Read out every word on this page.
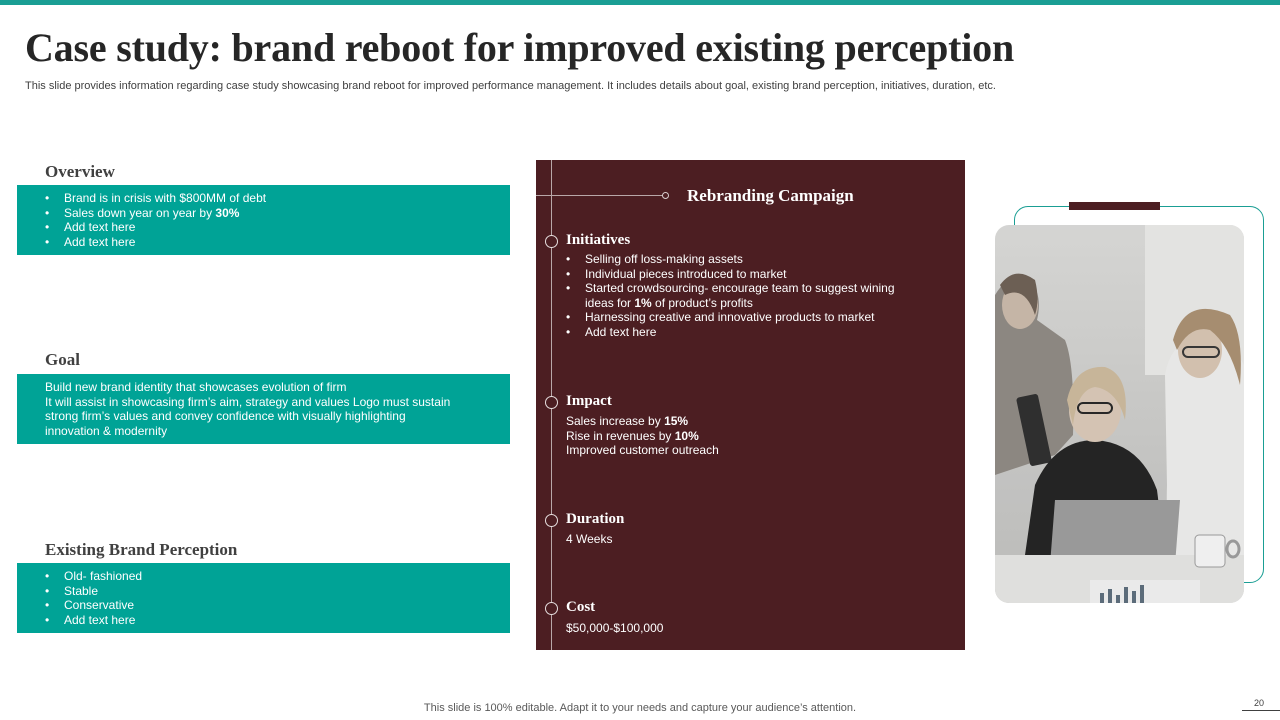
Case study: brand reboot for improved existing perception

This slide provides information regarding case study showcasing brand reboot for improved performance management. It includes details about goal, existing brand perception, initiatives, duration, etc.

Overview
• Brand is in crisis with $800MM of debt
• Sales down year on year by 30%
• Add text here
• Add text here
Goal
Build new brand identity that showcases evolution of firm
It will assist in showcasing firm’s aim, strategy and values Logo must sustain
strong firm’s values and convey confidence with visually highlighting
innovation & modernity
Existing Brand Perception
• Old- fashioned
• Stable
• Conservative
• Add text here
Rebranding Campaign
Initiatives
• Selling off loss-making assets
• Individual pieces introduced to market
• Started crowdsourcing- encourage team to suggest wining
ideas for 1% of product’s profits
• Harnessing creative and innovative products to market
• Add text here
Impact
Sales increase by 15%
Rise in revenues by 10%
Improved customer outreach
Duration
4 Weeks
Cost
$50,000-$100,000
This slide is 100% editable. Adapt it to your needs and capture your audience’s attention.	20
